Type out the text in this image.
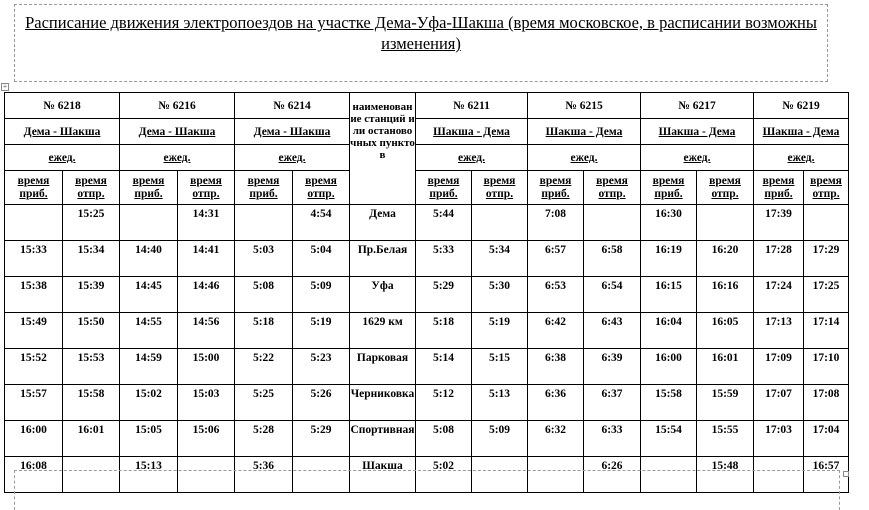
Расписание движения электропоездов на участке Дема-Уфа-Шакша (время московское, в расписании возможны изменения)
+
№ 6218		№ 6216		№ 6214		наименование станций или остановочных пунктов	№ 6211		№ 6215		№ 6217		№ 6219	
Дема - Шакша		Дема - Шакша		Дема - Шакша			Шакша - Дема		Шакша - Дема		Шакша - Дема		Шакша - Дема	
ежед.		ежед.		ежед.			ежед.		ежед.		ежед.		ежед.	
время приб.	время отпр.	время приб.	время отпр.	время приб.	время отпр.		время приб.	время отпр.	время приб.	время отпр.	время приб.	время отпр.	время приб.	время отпр.
	15:25		14:31		4:54	Дема	5:44		7:08		16:30		17:39	
15:33	15:34	14:40	14:41	5:03	5:04	Пр.Белая	5:33	5:34	6:57	6:58	16:19	16:20	17:28	17:29
15:38	15:39	14:45	14:46	5:08	5:09	Уфа	5:29	5:30	6:53	6:54	16:15	16:16	17:24	17:25
15:49	15:50	14:55	14:56	5:18	5:19	1629 км	5:18	5:19	6:42	6:43	16:04	16:05	17:13	17:14
15:52	15:53	14:59	15:00	5:22	5:23	Парковая	5:14	5:15	6:38	6:39	16:00	16:01	17:09	17:10
15:57	15:58	15:02	15:03	5:25	5:26	Черниковка	5:12	5:13	6:36	6:37	15:58	15:59	17:07	17:08
16:00	16:01	15:05	15:06	5:28	5:29	Спортивная	5:08	5:09	6:32	6:33	15:54	15:55	17:03	17:04
16:08		15:13		5:36		Шакша	5:02			6:26		15:48		16:57
